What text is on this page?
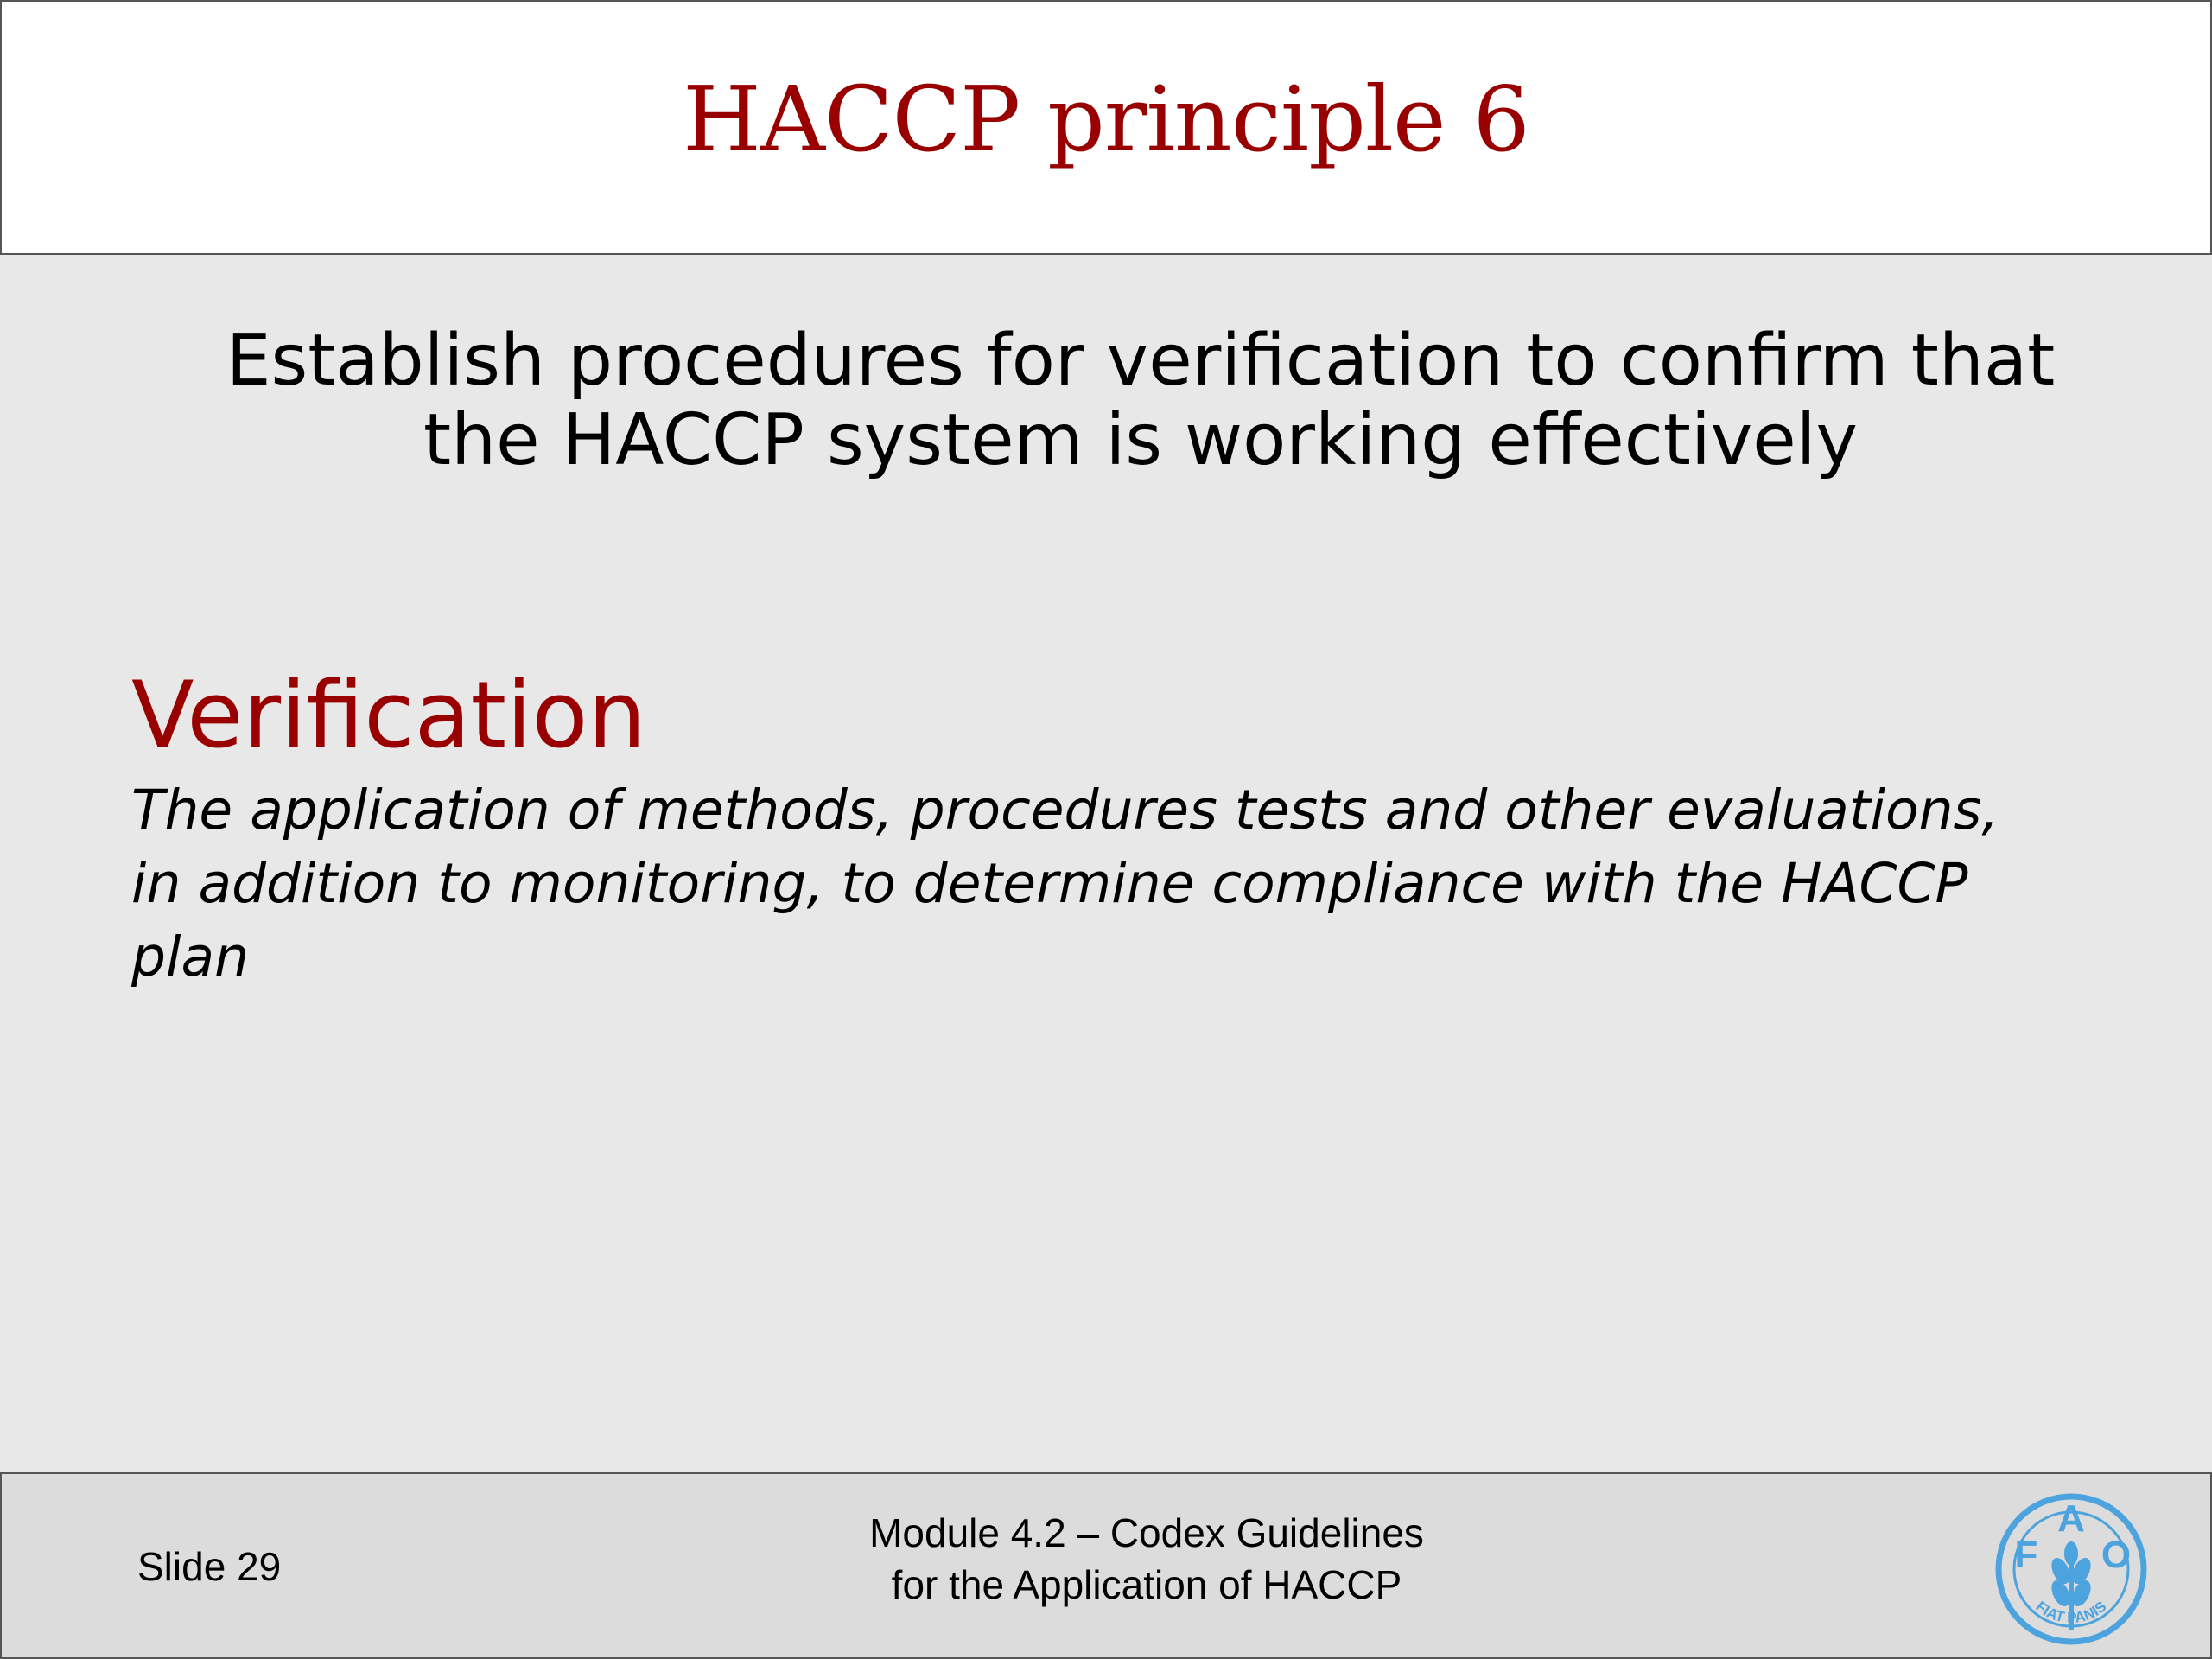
HACCP principle 6
Establish procedures for verification to confirm that
the HACCP system is working effectively
Verification
The application of methods, procedures tests and other evaluations,
in addition to monitoring, to determine compliance with the HACCP
plan
Slide 29
Module 4.2 – Codex Guidelines
for the Application of HACCP
F
A
O
FIAT PANIS
